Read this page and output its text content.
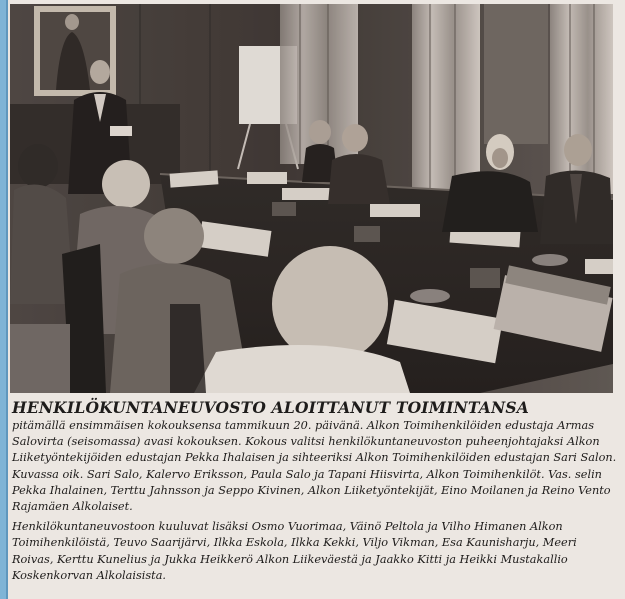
HENKILÖKUNTANEUVOSTO ALOITTANUT TOIMINTANSA

pitämällä ensimmäisen kokouksensa tammikuun 20. päivänä. Alkon Toimihenkilöiden edustaja Armas
Salovirta (seisomassa) avasi kokouksen. Kokous valitsi henkilökuntaneuvoston puheenjohtajaksi Alkon
Liiketyöntekijöiden edustajan Pekka Ihalaisen ja sihteeriksi Alkon Toimihenkilöiden edustajan Sari Salon.
Kuvassa oik. Sari Salo, Kalervo Eriksson, Paula Salo ja Tapani Hiisvirta, Alkon Toimihenkilöt. Vas. selin
Pekka Ihalainen, Terttu Jahnsson ja Seppo Kivinen, Alkon Liiketyöntekijät, Eino Moilanen ja Reino Vento
Rajamäen Alkolaiset.

Henkilökuntaneuvostoon kuuluvat lisäksi Osmo Vuorimaa, Väinö Peltola ja Vilho Himanen Alkon
Toimihenkilöistä, Teuvo Saarijärvi, Ilkka Eskola, Ilkka Kekki, Viljo Vikman, Esa Kaunisharju, Meeri
Roivas, Kerttu Kunelius ja Jukka Heikkerö Alkon Liikeväestä ja Jaakko Kitti ja Heikki Mustakallio
Koskenkorvan Alkolaisista.
